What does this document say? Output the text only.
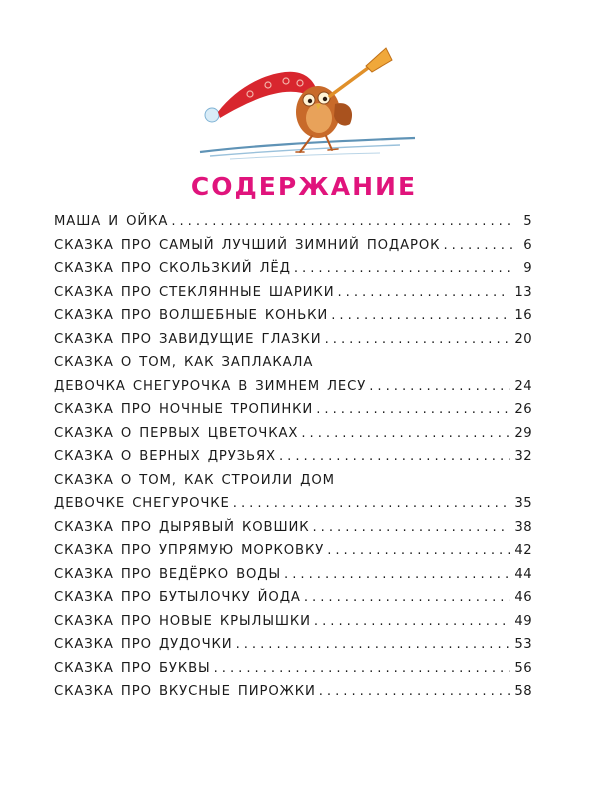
СОДЕРЖАНИЕ
МАША И ОЙКА . . .	5
СКАЗКА ПРО САМЫЙ ЛУЧШИЙ ЗИМНИЙ ПОДАРОК . . .	6
СКАЗКА ПРО СКОЛЬЗКИЙ ЛЁД . . .	9
СКАЗКА ПРО СТЕКЛЯННЫЕ ШАРИКИ . . .	13
СКАЗКА ПРО ВОЛШЕБНЫЕ КОНЬКИ . . .	16
СКАЗКА ПРО ЗАВИДУЩИЕ ГЛАЗКИ . . .	20
СКАЗКА О ТОМ, КАК ЗАПЛАКАЛА
ДЕВОЧКА СНЕГУРОЧКА В ЗИМНЕМ ЛЕСУ . . .	24
СКАЗКА ПРО НОЧНЫЕ ТРОПИНКИ . . .	26
СКАЗКА О ПЕРВЫХ ЦВЕТОЧКАХ . . .	29
СКАЗКА О ВЕРНЫХ ДРУЗЬЯХ . . .	32
СКАЗКА О ТОМ, КАК СТРОИЛИ ДОМ
ДЕВОЧКЕ СНЕГУРОЧКЕ . . .	35
СКАЗКА ПРО ДЫРЯВЫЙ КОВШИК . . .	38
СКАЗКА ПРО УПРЯМУЮ МОРКОВКУ . . .	42
СКАЗКА ПРО ВЕДЁРКО ВОДЫ . . .	44
СКАЗКА ПРО БУТЫЛОЧКУ ЙОДА . . .	46
СКАЗКА ПРО НОВЫЕ КРЫЛЫШКИ . . .	49
СКАЗКА ПРО ДУДОЧКИ . . .	53
СКАЗКА ПРО БУКВЫ . . .	56
СКАЗКА ПРО ВКУСНЫЕ ПИРОЖКИ . . .	58
